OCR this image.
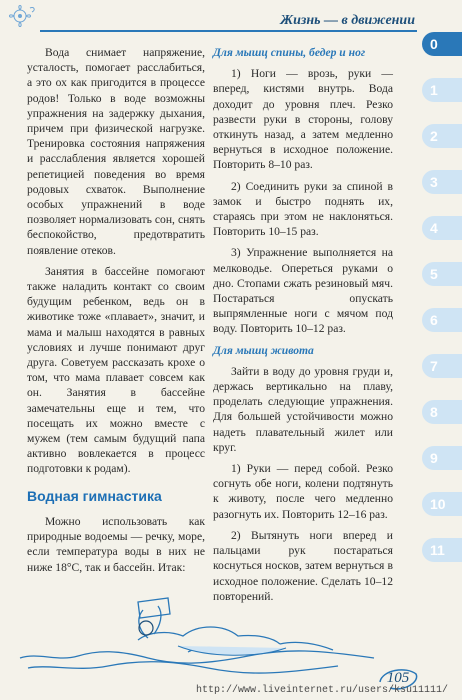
Жизнь — в движении

Вода снимает напряжение, усталость, помогает расслабиться, а это ох как пригодится в процессе родов! Только в воде возможны упражнения на задержку дыхания, причем при физической нагрузке. Тренировка состояния напряжения и расслабления является хорошей репетицией поведения во время родовых схваток. Выполнение особых упражнений в воде позволяет нормализовать сон, снять беспокойство, предотвратить появление отеков.

Занятия в бассейне помогают также наладить контакт со своим будущим ребенком, ведь он в животике тоже «плавает», значит, и мама и малыш находятся в равных условиях и лучше понимают друг друга. Советуем рассказать крохе о том, что мама плавает совсем как он. Занятия в бассейне замечательны еще и тем, что посещать их можно вместе с мужем (тем самым будущий папа активно вовлекается в процесс подготовки к родам).

Водная гимнастика

Можно использовать как природные водоемы — речку, море, если температура воды в них не ниже 18°С, так и бассейн. Итак:

Для мышц спины, бедер и ног

1) Ноги — врозь, руки — вперед, кистями внутрь. Вода доходит до уровня плеч. Резко развести руки в стороны, голову откинуть назад, а затем медленно вернуться в исходное положение. Повторить 8–10 раз.

2) Соединить руки за спиной в замок и быстро поднять их, стараясь при этом не наклоняться. Повторить 10–15 раз.

3) Упражнение выполняется на мелководье. Опереться руками о дно. Стопами сжать резиновый мяч. Постараться опускать выпрямленные ноги с мячом под воду. Повторить 10–12 раз.

Для мышц живота

Зайти в воду до уровня груди и, держась вертикально на плаву, проделать следующие упражнения. Для большей устойчивости можно надеть плавательный жилет или круг.

1) Руки — перед собой. Резко согнуть обе ноги, колени подтянуть к животу, после чего медленно разогнуть их. Повторить 12–16 раз.

2) Вытянуть ноги вперед и пальцами рук постараться коснуться носков, затем вернуться в исходное положение. Сделать 10–12 повторений.

0
1
2
3
4
5
6
7
8
9
10
11
105
http://www.liveinternet.ru/users/ksu11111/
